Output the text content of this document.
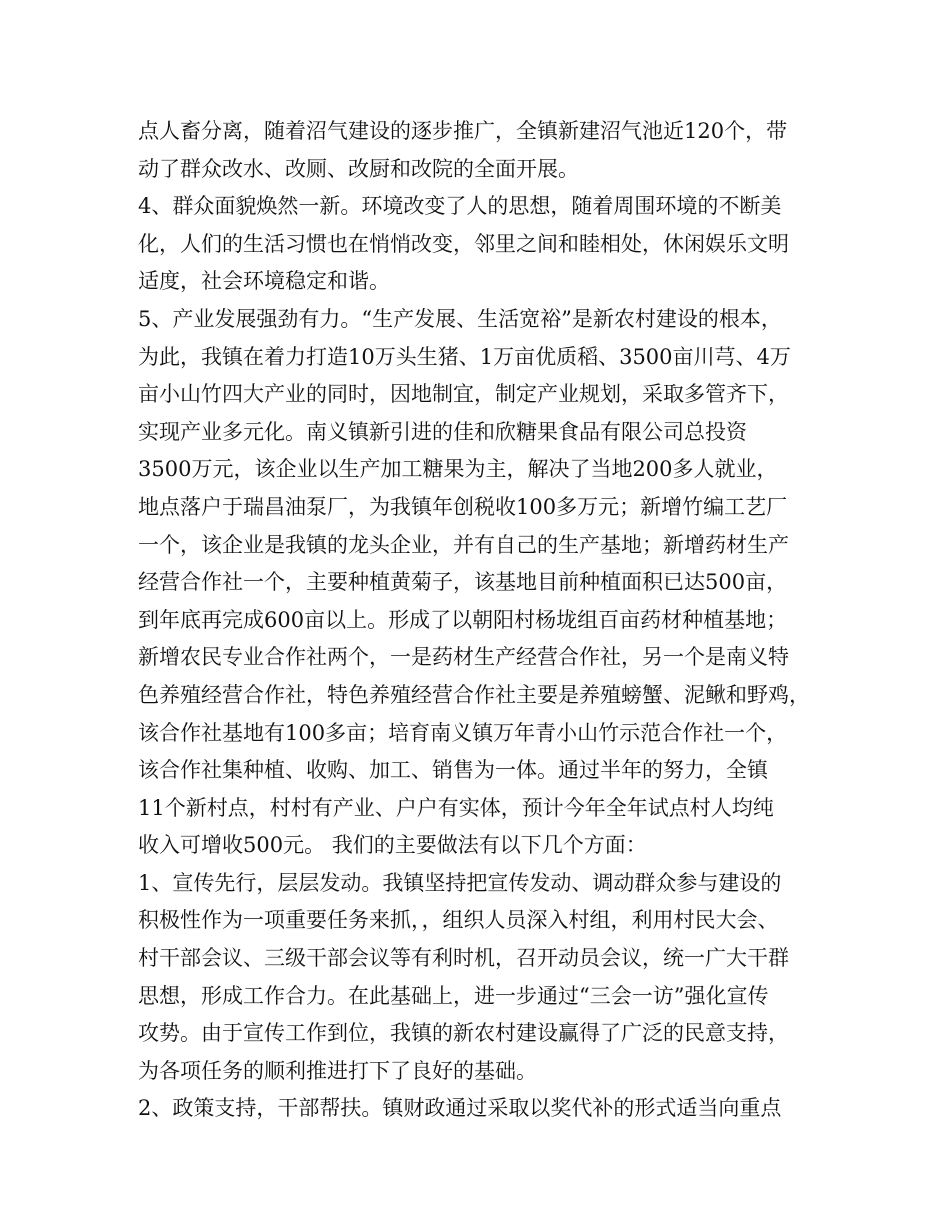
点人畜分离，随着沼气建设的逐步推广，全镇新建沼气池近120个，带
动了群众改水、改厕、改厨和改院的全面开展。
4、群众面貌焕然一新。环境改变了人的思想，随着周围环境的不断美
化，人们的生活习惯也在悄悄改变，邻里之间和睦相处，休闲娱乐文明
适度，社会环境稳定和谐。
5、产业发展强劲有力。“生产发展、生活宽裕”是新农村建设的根本，
为此，我镇在着力打造10万头生猪、1万亩优质稻、3500亩川芎、4万
亩小山竹四大产业的同时，因地制宜，制定产业规划，采取多管齐下，
实现产业多元化。南义镇新引进的佳和欣糖果食品有限公司总投资
3500万元，该企业以生产加工糖果为主，解决了当地200多人就业，
地点落户于瑞昌油泵厂，为我镇年创税收100多万元；新增竹编工艺厂
一个，该企业是我镇的龙头企业，并有自己的生产基地；新增药材生产
经营合作社一个，主要种植黄菊子，该基地目前种植面积已达500亩，
到年底再完成600亩以上。形成了以朝阳村杨垅组百亩药材种植基地；
新增农民专业合作社两个，一是药材生产经营合作社，另一个是南义特
色养殖经营合作社，特色养殖经营合作社主要是养殖螃蟹、泥鳅和野鸡，
该合作社基地有100多亩；培育南义镇万年青小山竹示范合作社一个，
该合作社集种植、收购、加工、销售为一体。通过半年的努力，全镇
11个新村点，村村有产业、户户有实体，预计今年全年试点村人均纯
收入可增收500元。 我们的主要做法有以下几个方面：
1、宣传先行，层层发动。我镇坚持把宣传发动、调动群众参与建设的
积极性作为一项重要任务来抓，，组织人员深入村组，利用村民大会、
村干部会议、三级干部会议等有利时机，召开动员会议，统一广大干群
思想，形成工作合力。在此基础上，进一步通过“三会一访”强化宣传
攻势。由于宣传工作到位，我镇的新农村建设赢得了广泛的民意支持，
为各项任务的顺利推进打下了良好的基础。
2、政策支持，干部帮扶。镇财政通过采取以奖代补的形式适当向重点
